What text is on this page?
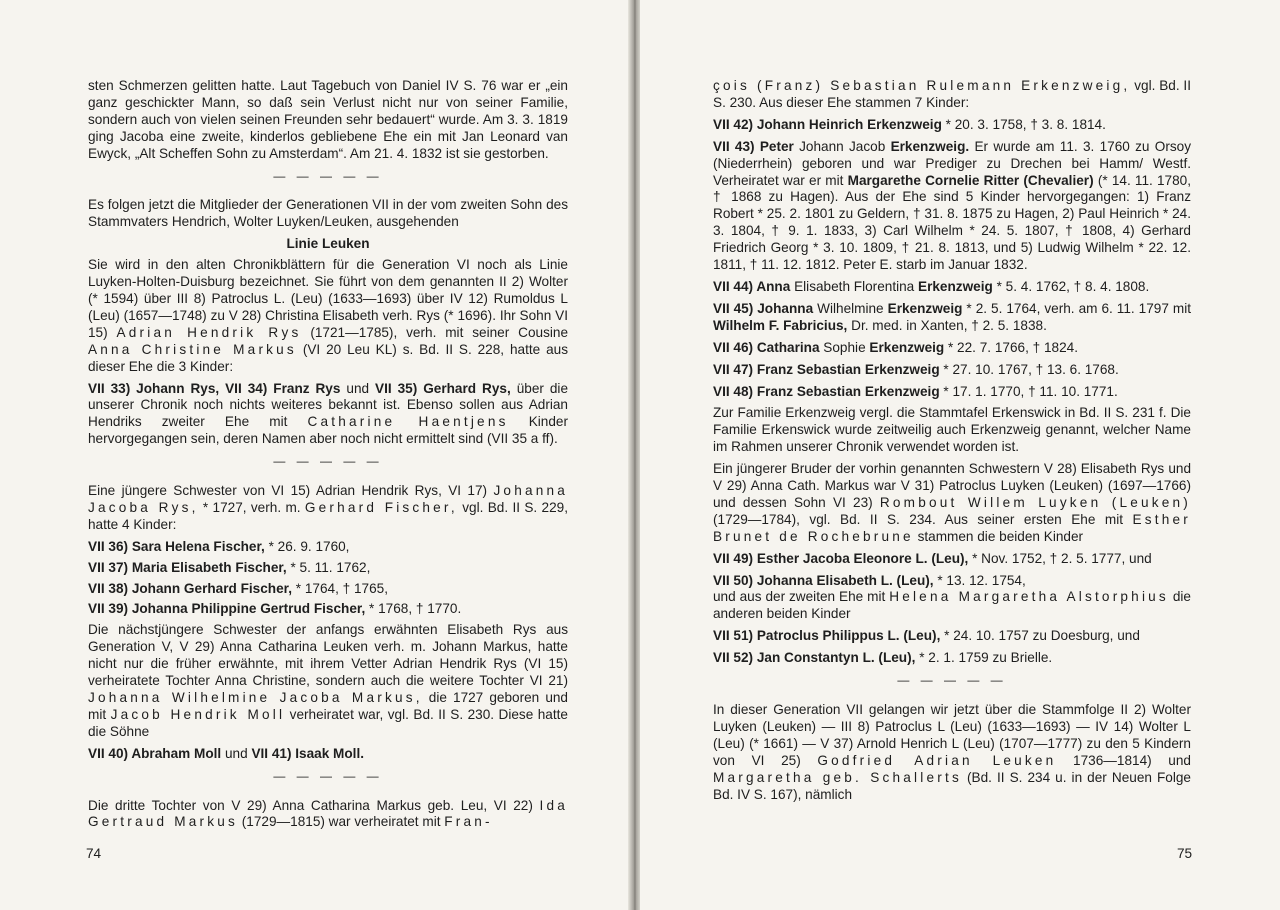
sten Schmerzen gelitten hatte. Laut Tagebuch von Daniel IV S. 76 war er „ein ganz geschickter Mann, so daß sein Verlust nicht nur von seiner Familie, sondern auch von vielen seinen Freunden sehr bedauert“ wurde. Am 3. 3. 1819 ging Jacoba eine zweite, kinderlos gebliebene Ehe ein mit Jan Leonard van Ewyck, „Alt Scheffen Sohn zu Amsterdam“. Am 21. 4. 1832 ist sie gestorben.

— — — — —

Es folgen jetzt die Mitglieder der Generationen VII in der vom zweiten Sohn des Stammvaters Hendrich, Wolter Luyken/Leuken, ausgehenden

Linie Leuken

Sie wird in den alten Chronikblättern für die Generation VI noch als Linie Luyken-Holten-Duisburg bezeichnet. Sie führt von dem genannten II 2) Wolter (* 1594) über III 8) Patroclus L. (Leu) (1633—1693) über IV 12) Rumoldus L (Leu) (1657—1748) zu V 28) Christina Elisabeth verh. Rys (* 1696). Ihr Sohn VI 15) Adrian Hendrik Rys (1721—1785), verh. mit seiner Cousine Anna Christine Markus (VI 20 Leu KL) s. Bd. II S. 228, hatte aus dieser Ehe die 3 Kinder:

VII 33) Johann Rys, VII 34) Franz Rys und VII 35) Gerhard Rys, über die unserer Chronik noch nichts weiteres bekannt ist. Ebenso sollen aus Adrian Hendriks zweiter Ehe mit Catharine Haentjens Kinder hervorgegangen sein, deren Namen aber noch nicht ermittelt sind (VII 35 a ff).

— — — — —

Eine jüngere Schwester von VI 15) Adrian Hendrik Rys, VI 17) Johanna Jacoba Rys, * 1727, verh. m. Gerhard Fischer, vgl. Bd. II S. 229, hatte 4 Kinder:

VII 36) Sara Helena Fischer, * 26. 9. 1760,

VII 37) Maria Elisabeth Fischer, * 5. 11. 1762,

VII 38) Johann Gerhard Fischer, * 1764, † 1765,

VII 39) Johanna Philippine Gertrud Fischer, * 1768, † 1770.

Die nächstjüngere Schwester der anfangs erwähnten Elisabeth Rys aus Generation V, V 29) Anna Catharina Leuken verh. m. Johann Markus, hatte nicht nur die früher erwähnte, mit ihrem Vetter Adrian Hendrik Rys (VI 15) verheiratete Tochter Anna Christine, sondern auch die weitere Tochter VI 21) Johanna Wilhelmine Jacoba Markus, die 1727 geboren und mit Jacob Hendrik Moll verheiratet war, vgl. Bd. II S. 230. Diese hatte die Söhne

VII 40) Abraham Moll und VII 41) Isaak Moll.

— — — — —

Die dritte Tochter von V 29) Anna Catharina Markus geb. Leu, VI 22) Ida Gertraud Markus (1729—1815) war verheiratet mit Fran-

74

çois (Franz) Sebastian Rulemann Erkenzweig, vgl. Bd. II S. 230. Aus dieser Ehe stammen 7 Kinder:

VII 42) Johann Heinrich Erkenzweig * 20. 3. 1758, † 3. 8. 1814.

VII 43) Peter Johann Jacob Erkenzweig. Er wurde am 11. 3. 1760 zu Orsoy (Niederrhein) geboren und war Prediger zu Drechen bei Hamm/ Westf. Verheiratet war er mit Margarethe Cornelie Ritter (Chevalier) (* 14. 11. 1780, † 1868 zu Hagen). Aus der Ehe sind 5 Kinder hervorgegangen: 1) Franz Robert * 25. 2. 1801 zu Geldern, † 31. 8. 1875 zu Hagen, 2) Paul Heinrich * 24. 3. 1804, † 9. 1. 1833, 3) Carl Wilhelm * 24. 5. 1807, † 1808, 4) Gerhard Friedrich Georg * 3. 10. 1809, † 21. 8. 1813, und 5) Ludwig Wilhelm * 22. 12. 1811, † 11. 12. 1812. Peter E. starb im Januar 1832.

VII 44) Anna Elisabeth Florentina Erkenzweig * 5. 4. 1762, † 8. 4. 1808.

VII 45) Johanna Wilhelmine Erkenzweig * 2. 5. 1764, verh. am 6. 11. 1797 mit Wilhelm F. Fabricius, Dr. med. in Xanten, † 2. 5. 1838.

VII 46) Catharina Sophie Erkenzweig * 22. 7. 1766, † 1824.

VII 47) Franz Sebastian Erkenzweig * 27. 10. 1767, † 13. 6. 1768.

VII 48) Franz Sebastian Erkenzweig * 17. 1. 1770, † 11. 10. 1771.

Zur Familie Erkenzweig vergl. die Stammtafel Erkenswick in Bd. II S. 231 f. Die Familie Erkenswick wurde zeitweilig auch Erkenzweig genannt, welcher Name im Rahmen unserer Chronik verwendet worden ist.

Ein jüngerer Bruder der vorhin genannten Schwestern V 28) Elisabeth Rys und V 29) Anna Cath. Markus war V 31) Patroclus Luyken (Leuken) (1697—1766) und dessen Sohn VI 23) Rombout Willem Luyken (Leuken) (1729—1784), vgl. Bd. II S. 234. Aus seiner ersten Ehe mit Esther Brunet de Rochebrune stammen die beiden Kinder

VII 49) Esther Jacoba Eleonore L. (Leu), * Nov. 1752, † 2. 5. 1777, und

VII 50) Johanna Elisabeth L. (Leu), * 13. 12. 1754,
und aus der zweiten Ehe mit Helena Margaretha Alstorphius die anderen beiden Kinder

VII 51) Patroclus Philippus L. (Leu), * 24. 10. 1757 zu Doesburg, und

VII 52) Jan Constantyn L. (Leu), * 2. 1. 1759 zu Brielle.

— — — — —

In dieser Generation VII gelangen wir jetzt über die Stammfolge II 2) Wolter Luyken (Leuken) — III 8) Patroclus L (Leu) (1633—1693) — IV 14) Wolter L (Leu) (* 1661) — V 37) Arnold Henrich L (Leu) (1707—1777) zu den 5 Kindern von VI 25) Godfried Adrian Leuken 1736—1814) und Margaretha geb. Schallerts (Bd. II S. 234 u. in der Neuen Folge Bd. IV S. 167), nämlich

75
